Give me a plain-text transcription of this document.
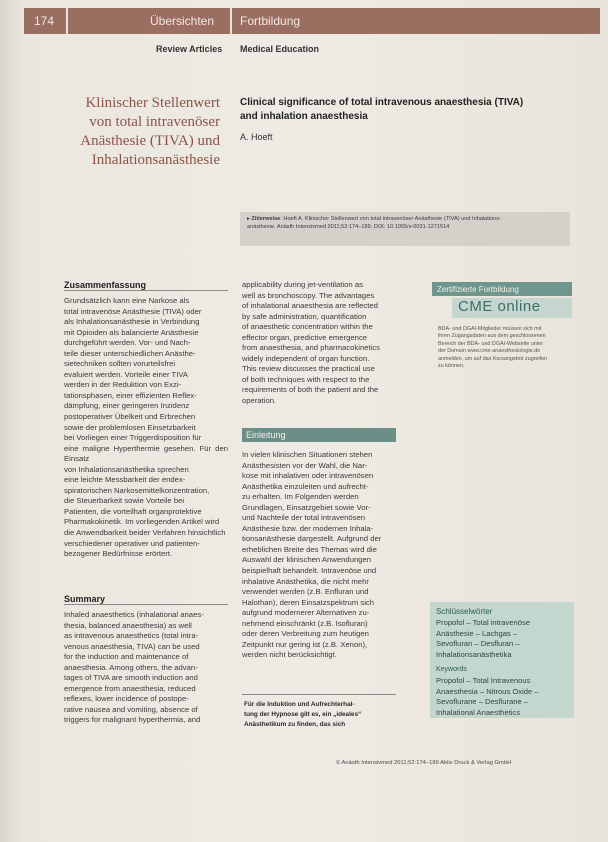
174	Übersichten Fortbildung
Review Articles Medical Education
Klinischer Stellenwert
von total intravenöser
Anästhesie (TIVA) und
Inhalationsanästhesie
Clinical significance of total intravenous anaesthesia (TIVA)
and inhalation anaesthesia
A. Hoeft
▸ Zitierweise: Hoeft A. Klinischer Stellenwert von total intravenöser Anästhesie (TIVA) und Inhalations-
anästhesie. Anästh Intensivmed 2011;52:174–189. DOI: 10.1055/s-0031-1271514
Zusammenfassung
Grundsätzlich kann eine Narkose als
total intravenöse Anästhesie (TIVA) oder
als Inhalationsanästhesie in Verbindung
mit Opioiden als balancierte Anästhesie
durchgeführt werden. Vor- und Nach-
teile dieser unterschiedlichen Anästhe-
sietechniken sollten vorurteilsfrei
evaluiert werden. Vorteile einer TIVA
werden in der Reduktion von Exzi-
tationsphasen, einer effizienten Reflex-
dämpfung, einer geringeren Inzidenz
postoperativer Übelkeit und Erbrechen
sowie der problemlosen Einsetzbarkeit
bei Vorliegen einer Triggerdisposition für
eine maligne Hyperthermie gesehen. Für den Einsatz
von Inhalationsanästhetika sprechen
eine leichte Messbarkeit der endex-
spiratorischen Narkosemittelkonzentration,
die Steuerbarkeit sowie Vorteile bei
Patienten, die vorteilhaft organprotektive
Pharmakokinetik. Im vorliegenden Artikel wird
die Anwendbarkeit beider Verfahren hinsichtlich
verschiedener operativer und patienten-
bezogener Bedürfnisse erörtert.
Summary
Inhaled anaesthetics (inhalational anaes-
thesia, balanced anaesthesia) as well
as intravenous anaesthetics (total intra-
venous anaesthesia, TIVA) can be used
for the induction and maintenance of
anaesthesia. Among others, the advan-
tages of TIVA are smooth induction and
emergence from anaesthesia, reduced
reflexes, lower incidence of postope-
rative nausea and vomiting, absence of
triggers for malignant hyperthermia, and
applicability during jet-ventilation as
well as bronchoscopy. The advantages
of inhalational anaesthesia are reflected
by safe administration, quantification
of anaesthetic concentration within the
effector organ, predictive emergence
from anaesthesia, and pharmacokinetics
widely independent of organ function.
This review discusses the practical use
of both techniques with respect to the
requirements of both the patient and the
operation.
Einleitung
In vielen klinischen Situationen stehen
Anästhesisten vor der Wahl, die Nar-
kose mit inhalativen oder intravenösen
Anästhetika einzuleiten und aufrecht-
zu erhalten. Im Folgenden werden
Grundlagen, Einsatzgebiet sowie Vor-
und Nachteile der total intravenösen
Anästhesie bzw. der modernen Inhala-
tionsanästhesie dargestellt. Aufgrund der
erheblichen Breite des Themas wird die
Auswahl der klinischen Anwendungen
beispielhaft behandelt. Intravenöse und
inhalative Anästhetika, die nicht mehr
verwendet werden (z.B. Enfluran und
Halothan), deren Einsatzspektrum sich
aufgrund modernerer Alternativen zu-
nehmend einschränkt (z.B. Isofluran)
oder deren Verbreitung zum heutigen
Zeitpunkt nur gering ist (z.B. Xenon),
werden nicht berücksichtigt.
Für die Induktion und Aufrechterhal-
tung der Hypnose gilt es, ein „ideales“
Anästhetikum zu finden, das sich
Zertifizierte Fortbildung
CME online
BDA- und DGAI-Mitglieder müssen sich mit
ihren Zugangsdaten aus dem geschlossenen
Bereich der BDA- und DGAI-Webseite unter
der Domain www.cme-anaesthesiologie.de
anmelden, um auf das Kursangebot zugreifen
zu können.
Schlüsselwörter
Propofol – Total intravenöse
Anästhesie – Lachgas –
Sevofluran – Desfluran –
Inhalationsanästhetika
Keywords
Propofol – Total Intravenous
Anaesthesia – Nitrous Oxide –
Sevoflurane – Desflurane –
Inhalational Anaesthetics
© Anästh Intensivmed 2011;52:174–189 Aktiv Druck & Verlag GmbH
